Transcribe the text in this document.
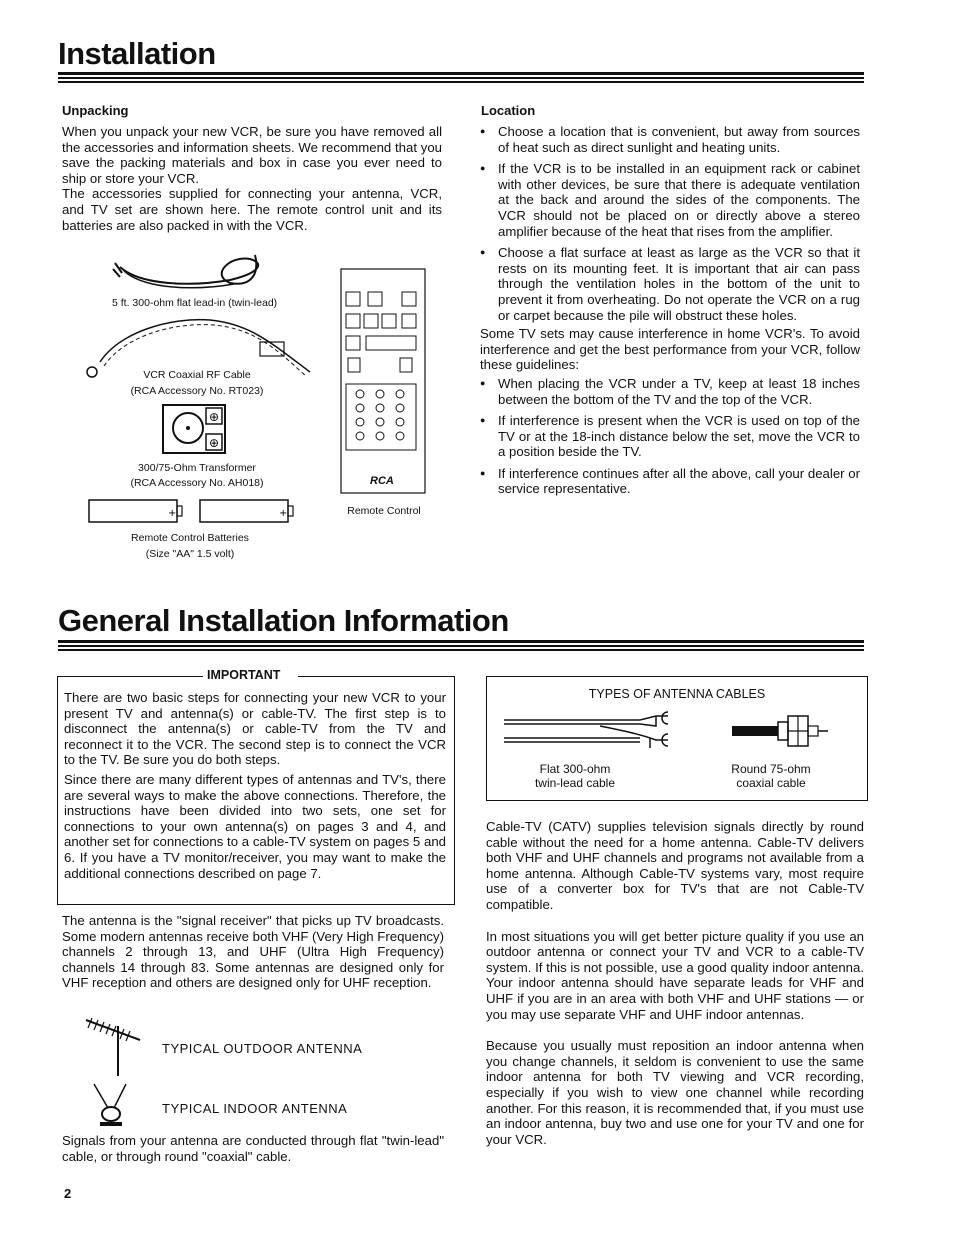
Installation
Unpacking

When you unpack your new VCR, be sure you have removed all the accessories and information sheets. We recommend that you save the packing materials and box in case you ever need to ship or store your VCR.

The accessories supplied for connecting your antenna, VCR, and TV set are shown here. The remote control unit and its batteries are also packed in with the VCR.

5 ft. 300-ohm flat lead-in (twin-lead)
VCR Coaxial RF Cable
(RCA Accessory No. RT023)
⊕
⊕
300/75-Ohm Transformer
(RCA Accessory No. AH018)
+	+
Remote Control Batteries
(Size "AA" 1.5 volt)
RCA
Remote Control
Location
● Choose a location that is convenient, but away from sources of heat such as direct sunlight and heating units.
● If the VCR is to be installed in an equipment rack or cabinet with other devices, be sure that there is adequate ventilation at the back and around the sides of the components. The VCR should not be placed on or directly above a stereo amplifier because of the heat that rises from the amplifier.
● Choose a flat surface at least as large as the VCR so that it rests on its mounting feet. It is important that air can pass through the ventilation holes in the bottom of the unit to prevent it from overheating. Do not operate the VCR on a rug or carpet because the pile will obstruct these holes.

Some TV sets may cause interference in home VCR's. To avoid interference and get the best performance from your VCR, follow these guidelines:

● When placing the VCR under a TV, keep at least 18 inches between the bottom of the TV and the top of the VCR.
● If interference is present when the VCR is used on top of the TV or at the 18-inch distance below the set, move the VCR to a position beside the TV.
● If interference continues after all the above, call your dealer or service representative.
General Installation Information
IMPORTANT

There are two basic steps for connecting your new VCR to your present TV and antenna(s) or cable-TV. The first step is to disconnect the antenna(s) or cable-TV from the TV and reconnect it to the VCR. The second step is to connect the VCR to the TV. Be sure you do both steps.

Since there are many different types of antennas and TV's, there are several ways to make the above connections. Therefore, the instructions have been divided into two sets, one set for connections to your own antenna(s) on pages 3 and 4, and another set for connections to a cable-TV system on pages 5 and 6. If you have a TV monitor/receiver, you may want to make the additional connections described on page 7.

The antenna is the "signal receiver" that picks up TV broadcasts. Some modern antennas receive both VHF (Very High Frequency) channels 2 through 13, and UHF (Ultra High Frequency) channels 14 through 83. Some antennas are designed only for VHF reception and others are designed only for UHF reception.

TYPICAL OUTDOOR ANTENNA
TYPICAL INDOOR ANTENNA

Signals from your antenna are conducted through flat "twin-lead" cable, or through round "coaxial" cable.

TYPES OF ANTENNA CABLES
Flat 300-ohm
twin-lead cable
Round 75-ohm
coaxial cable

Cable-TV (CATV) supplies television signals directly by round cable without the need for a home antenna. Cable-TV delivers both VHF and UHF channels and programs not available from a home antenna. Although Cable-TV systems vary, most require use of a converter box for TV's that are not Cable-TV compatible.

In most situations you will get better picture quality if you use an outdoor antenna or connect your TV and VCR to a cable-TV system. If this is not possible, use a good quality indoor antenna. Your indoor antenna should have separate leads for VHF and UHF if you are in an area with both VHF and UHF stations — or you may use separate VHF and UHF indoor antennas.

Because you usually must reposition an indoor antenna when you change channels, it seldom is convenient to use the same indoor antenna for both TV viewing and VCR recording, especially if you wish to view one channel while recording another. For this reason, it is recommended that, if you must use an indoor antenna, buy two and use one for your TV and one for your VCR.

2
